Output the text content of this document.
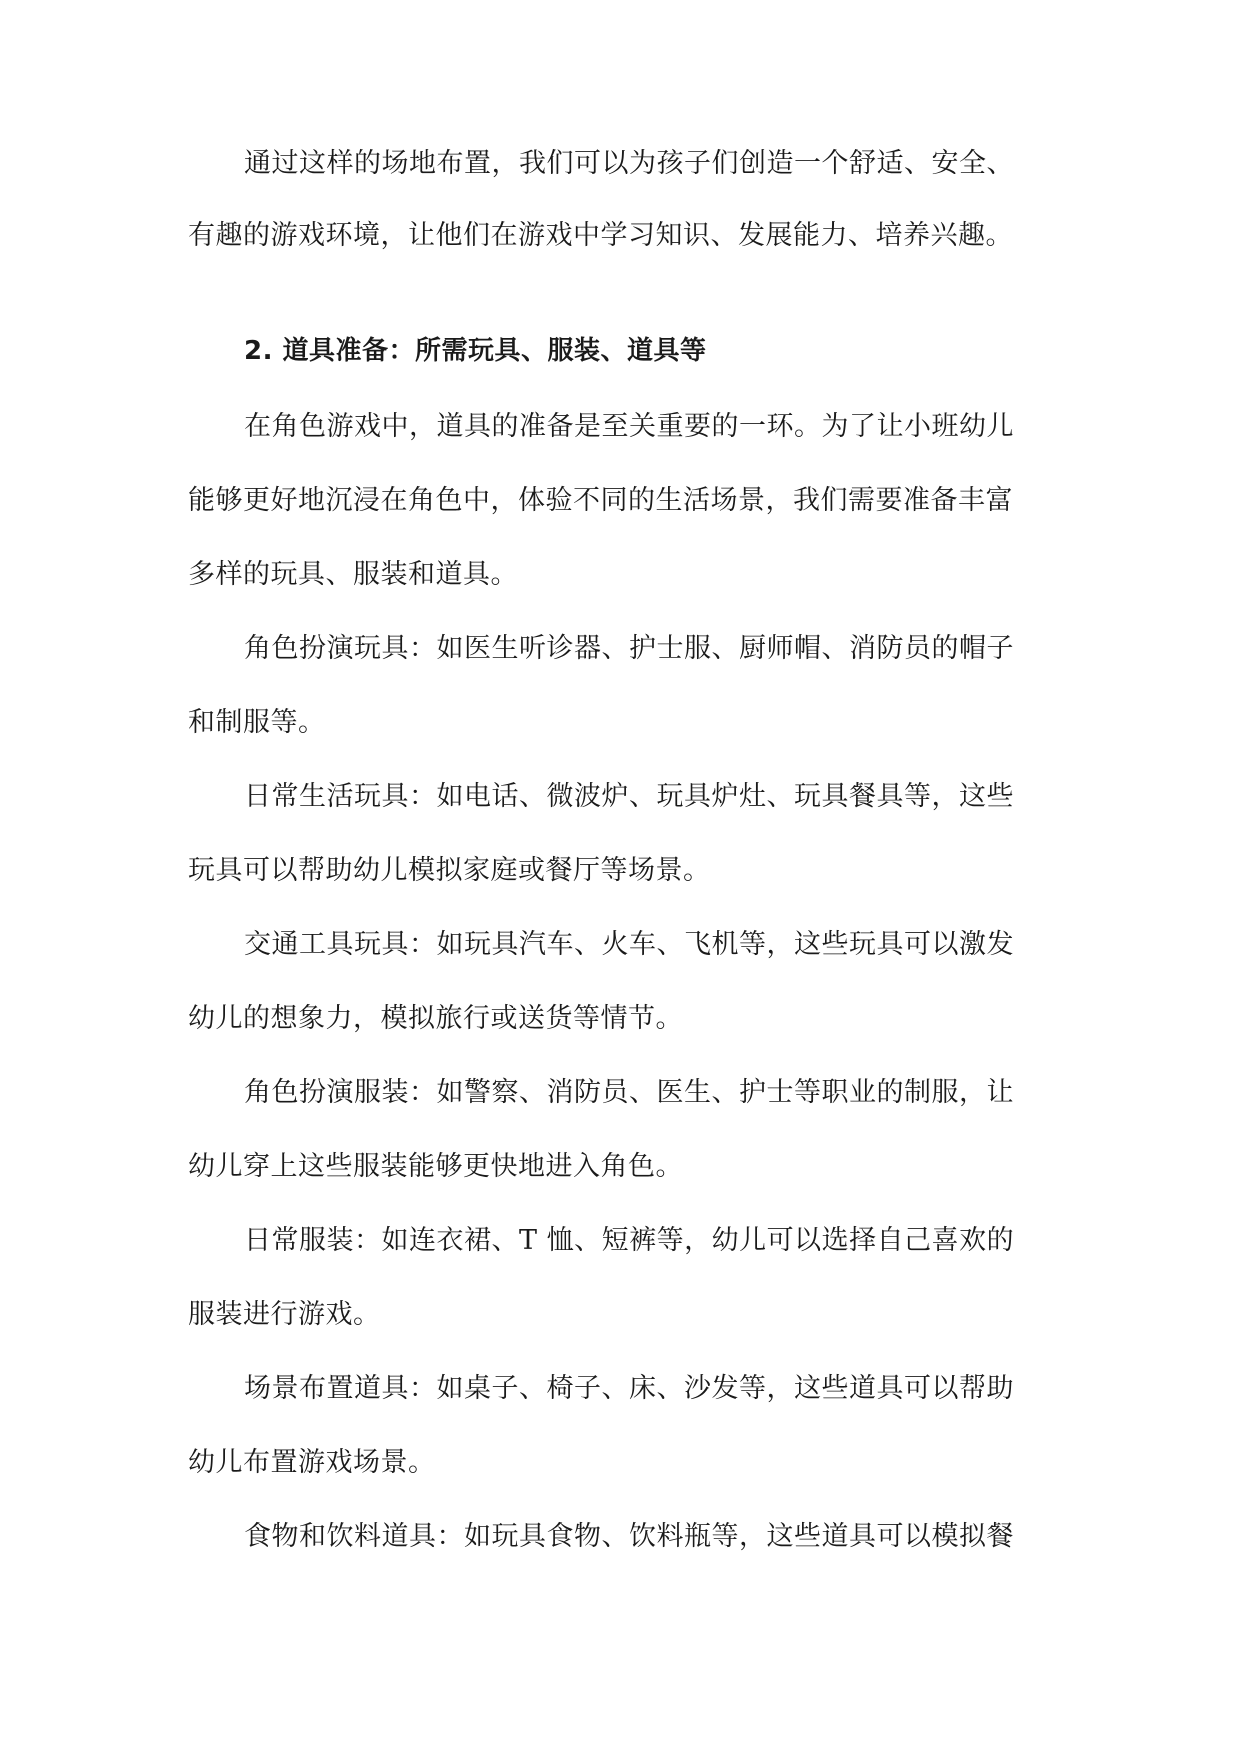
通过这样的场地布置，我们可以为孩子们创造一个舒适、安全、
有趣的游戏环境，让他们在游戏中学习知识、发展能力、培养兴趣。
2. 道具准备：所需玩具、服装、道具等
在角色游戏中，道具的准备是至关重要的一环。为了让小班幼儿
能够更好地沉浸在角色中，体验不同的生活场景，我们需要准备丰富
多样的玩具、服装和道具。
角色扮演玩具：如医生听诊器、护士服、厨师帽、消防员的帽子
和制服等。
日常生活玩具：如电话、微波炉、玩具炉灶、玩具餐具等，这些
玩具可以帮助幼儿模拟家庭或餐厅等场景。
交通工具玩具：如玩具汽车、火车、飞机等，这些玩具可以激发
幼儿的想象力，模拟旅行或送货等情节。
角色扮演服装：如警察、消防员、医生、护士等职业的制服，让
幼儿穿上这些服装能够更快地进入角色。
日常服装：如连衣裙、T 恤、短裤等，幼儿可以选择自己喜欢的
服装进行游戏。
场景布置道具：如桌子、椅子、床、沙发等，这些道具可以帮助
幼儿布置游戏场景。
食物和饮料道具：如玩具食物、饮料瓶等，这些道具可以模拟餐
